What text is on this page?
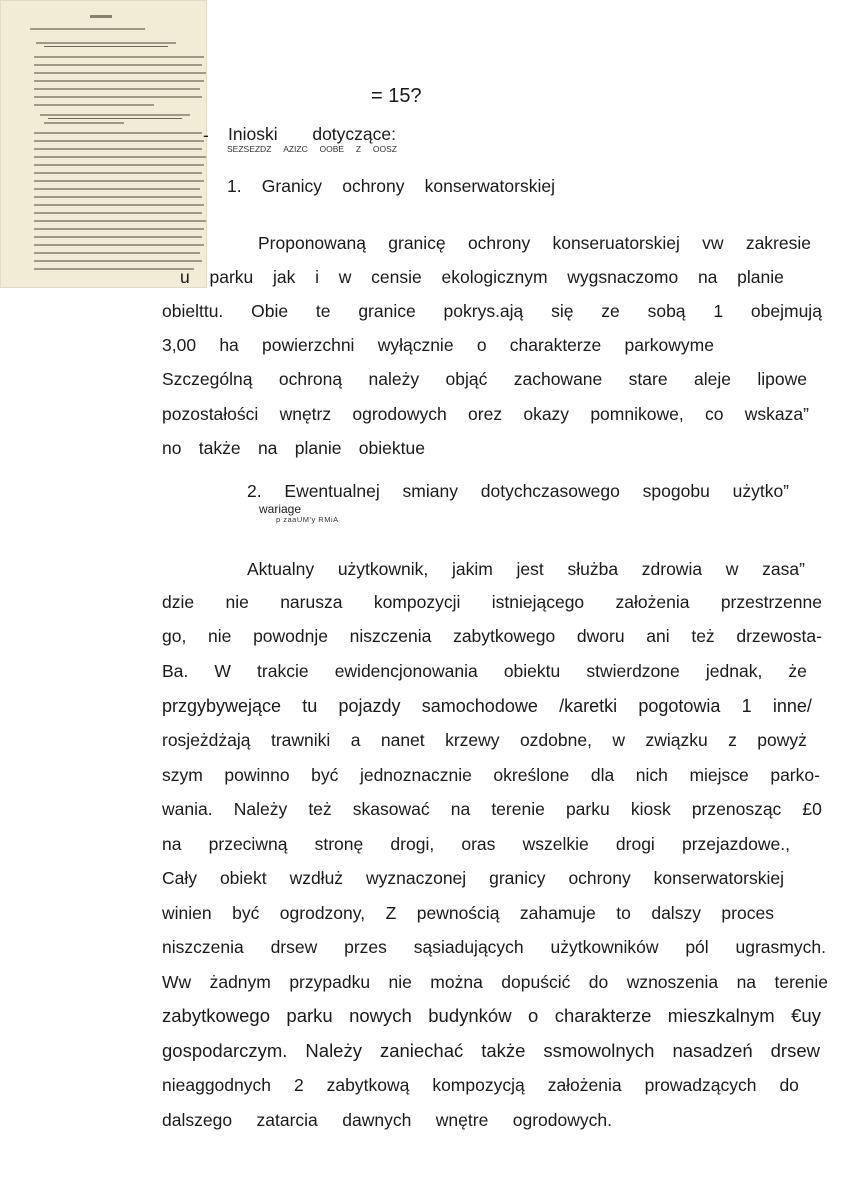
= 15?
- Inioski dotyczące:
SEZSEZDZ AZIZC OOBE Z OOSZ
1. Granicy ochrony konserwatorskiej
Proponowaną granicę ochrony konseruatorskiej vw zakresie
u parku jak i w censie ekologicznym wygsnaczomo na planie
obielttu. Obie te granice pokrys.ają się ze sobą 1 obejmują
3,00 ha powierzchni wyłącznie o charakterze parkowyme
Szczególną ochroną należy objąć zachowane stare aleje lipowe
pozostałości wnętrz ogrodowych orez okazy pomnikowe, co wskaza”
no także na planie obiektue
2. Ewentualnej smiany dotychczasowego spogobu użytko”
wariage
p zaaUM'y RMiA
Aktualny użytkownik, jakim jest służba zdrowia w zasa”
dzie nie narusza kompozycji istniejącego założenia przestrzenne
go, nie powodnje niszczenia zabytkowego dworu ani też drzewosta-
Ba. W trakcie ewidencjonowania obiektu stwierdzone jednak, że
przgybywejące tu pojazdy samochodowe /karetki pogotowia 1 inne/
rosjeżdżają trawniki a nanet krzewy ozdobne, w związku z powyż
szym powinno być jednoznacznie określone dla nich miejsce parko-
wania. Należy też skasować na terenie parku kiosk przenosząc £0
na przeciwną stronę drogi, oras wszelkie drogi przejazdowe.,
Cały obiekt wzdłuż wyznaczonej granicy ochrony konserwatorskiej
winien być ogrodzony, Z pewnością zahamuje to dalszy proces
niszczenia drsew przes sąsiadujących użytkowników pól ugrasmych.
Ww żadnym przypadku nie można dopuścić do wznoszenia na terenie
zabytkowego parku nowych budynków o charakterze mieszkalnym €uy
gospodarczym. Należy zaniechać także ssmowolnych nasadzeń drsew
nieaggodnych 2 zabytkową kompozycją założenia prowadzących do
dalszego zatarcia dawnych wnętre ogrodowych.
